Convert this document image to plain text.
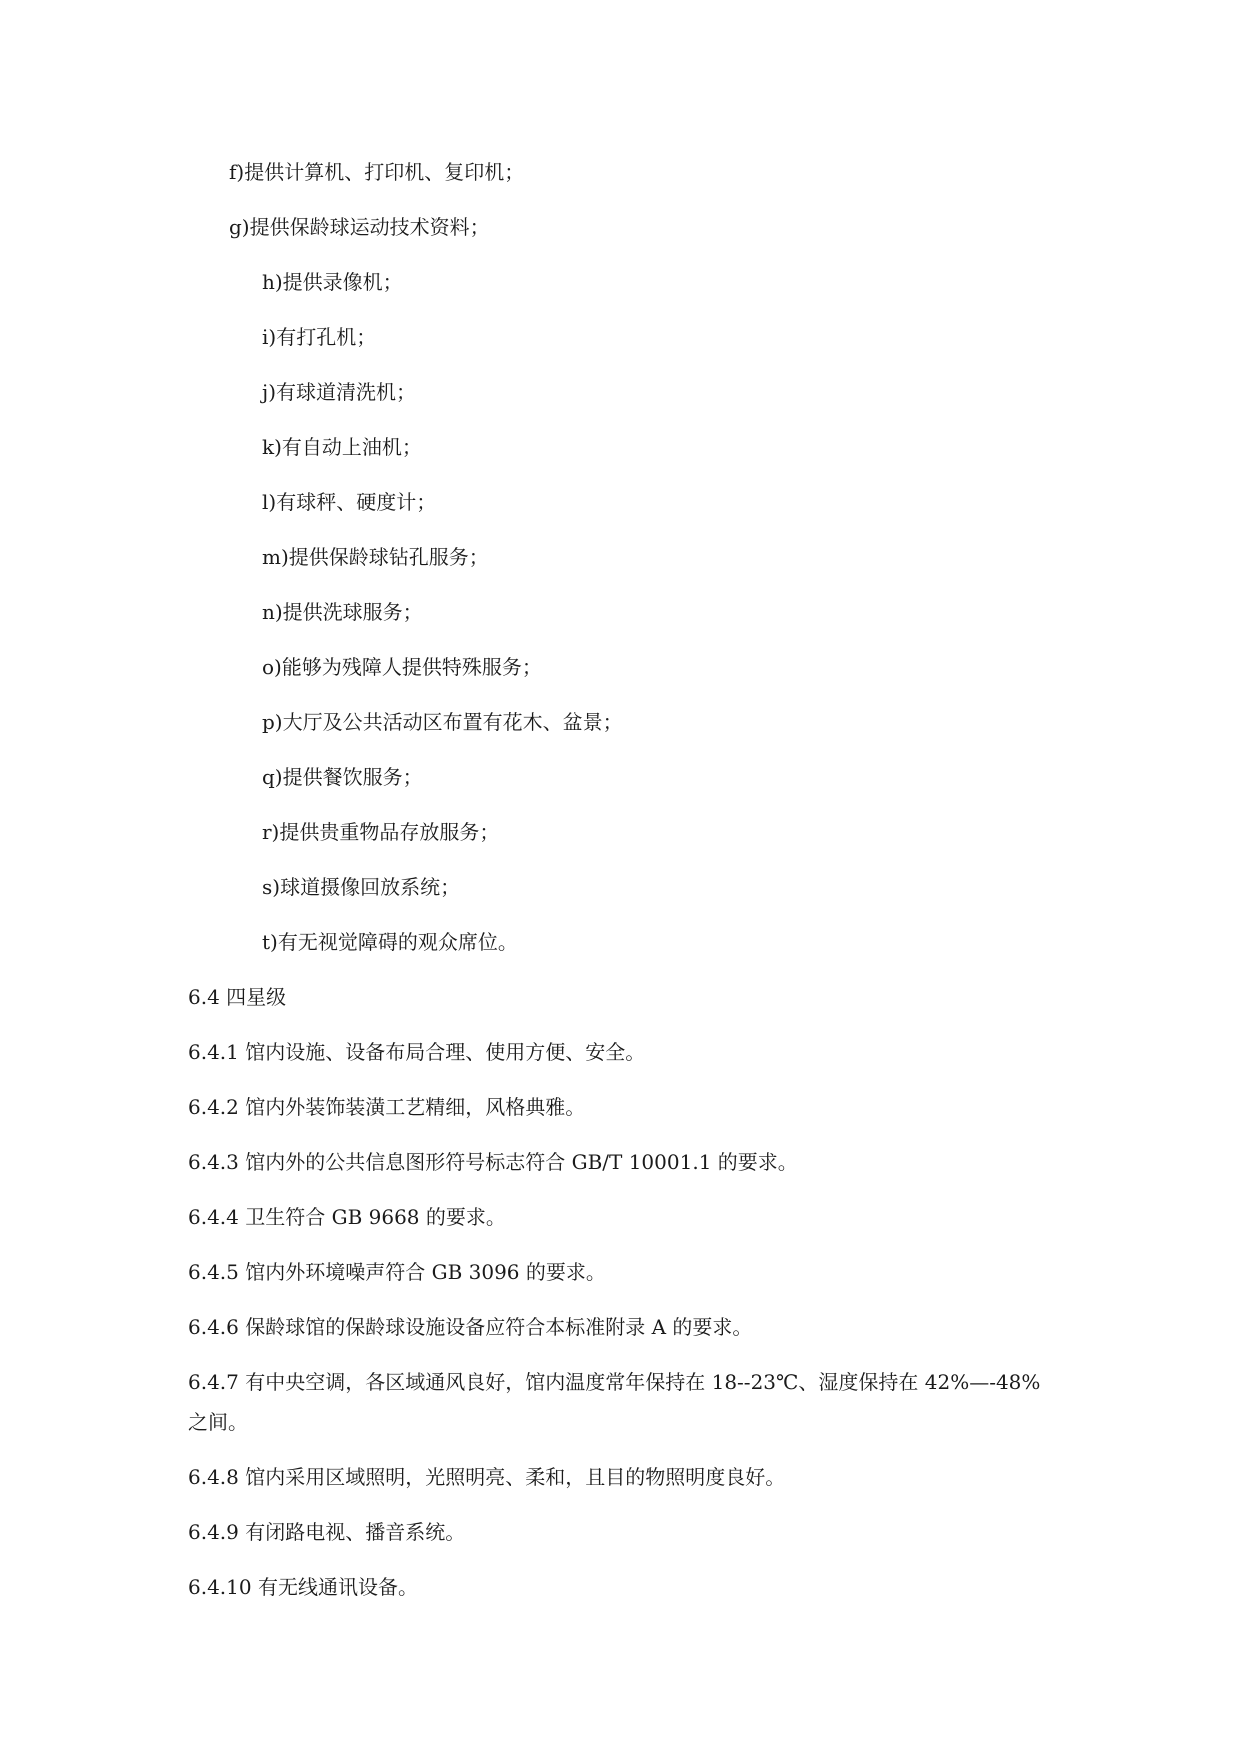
f)提供计算机、打印机、复印机；
g)提供保龄球运动技术资料；
h)提供录像机；
i)有打孔机；
j)有球道清洗机；
k)有自动上油机；
l)有球秤、硬度计；
m)提供保龄球钻孔服务；
n)提供洗球服务；
o)能够为残障人提供特殊服务；
p)大厅及公共活动区布置有花木、盆景；
q)提供餐饮服务；
r)提供贵重物品存放服务；
s)球道摄像回放系统；
t)有无视觉障碍的观众席位。
6.4 四星级
6.4.1 馆内设施、设备布局合理、使用方便、安全。
6.4.2 馆内外装饰装潢工艺精细，风格典雅。
6.4.3 馆内外的公共信息图形符号标志符合 GB/T 10001.1 的要求。
6.4.4 卫生符合 GB 9668 的要求。
6.4.5 馆内外环境噪声符合 GB 3096 的要求。
6.4.6 保龄球馆的保龄球设施设备应符合本标准附录 A 的要求。
6.4.7 有中央空调，各区域通风良好，馆内温度常年保持在 18--23℃、湿度保持在 42%—-48%
之间。
6.4.8 馆内采用区域照明，光照明亮、柔和，且目的物照明度良好。
6.4.9 有闭路电视、播音系统。
6.4.10 有无线通讯设备。
